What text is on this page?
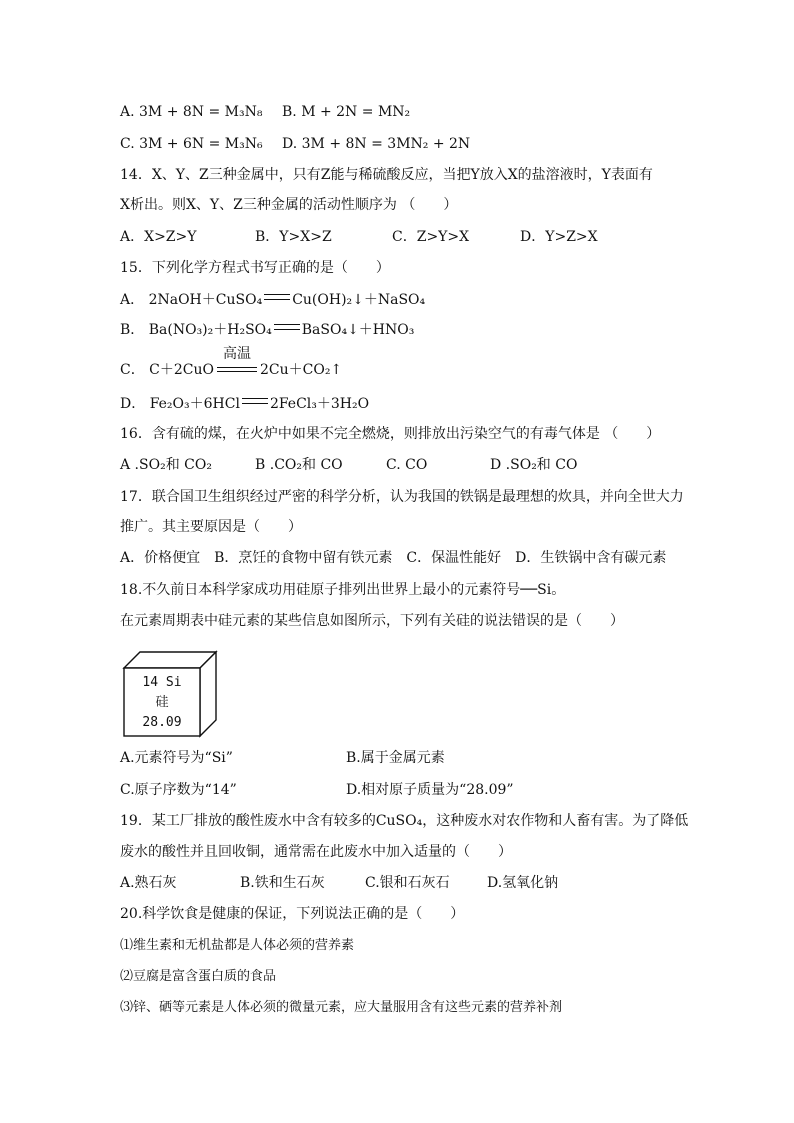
A. 3M + 8N = M₃N₈ B. M + 2N = MN₂
C. 3M + 6N = M₃N₆ D. 3M + 8N = 3MN₂ + 2N
14．X、Y、Z三种金属中，只有Z能与稀硫酸反应，当把Y放入X的盐溶液时，Y表面有
X析出。则X、Y、Z三种金属的活动性顺序为 （　　）
A．X>Z>Y	B．Y>X>Z	C．Z>Y>X	D．Y>Z>X
15．下列化学方程式书写正确的是（　　）
A． 2NaOH＋CuSO₄ Cu(OH)₂↓＋NaSO₄
B． Ba(NO₃)₂＋H₂SO₄ BaSO₄↓＋HNO₃
C． C＋2CuO
高温
2Cu＋CO₂↑
D． Fe₂O₃＋6HCl 2FeCl₃＋3H₂O
16．含有硫的煤，在火炉中如果不完全燃烧，则排放出污染空气的有毒气体是 （　　）
A .SO₂和 CO₂	B .CO₂和 CO	C. CO	D .SO₂和 CO
17．联合国卫生组织经过严密的科学分析，认为我国的铁锅是最理想的炊具，并向全世大力
推广。其主要原因是（　　）
A．价格便宜　B．烹饪的食物中留有铁元素　C．保温性能好　D．生铁锅中含有碳元素
18.不久前日本科学家成功用硅原子排列出世界上最小的元素符号──Si。
在元素周期表中硅元素的某些信息如图所示，下列有关硅的说法错误的是（　　）
14 Si
硅
28.09
A.元素符号为“Si”	B.属于金属元素
C.原子序数为“14”	D.相对原子质量为“28.09”
19．某工厂排放的酸性废水中含有较多的CuSO₄，这种废水对农作物和人畜有害。为了降低
废水的酸性并且回收铜，通常需在此废水中加入适量的（　　）
A.熟石灰	B.铁和生石灰	C.银和石灰石	D.氢氧化钠
20.科学饮食是健康的保证，下列说法正确的是（　　）
⑴维生素和无机盐都是人体必须的营养素
⑵豆腐是富含蛋白质的食品
⑶锌、硒等元素是人体必须的微量元素，应大量服用含有这些元素的营养补剂
